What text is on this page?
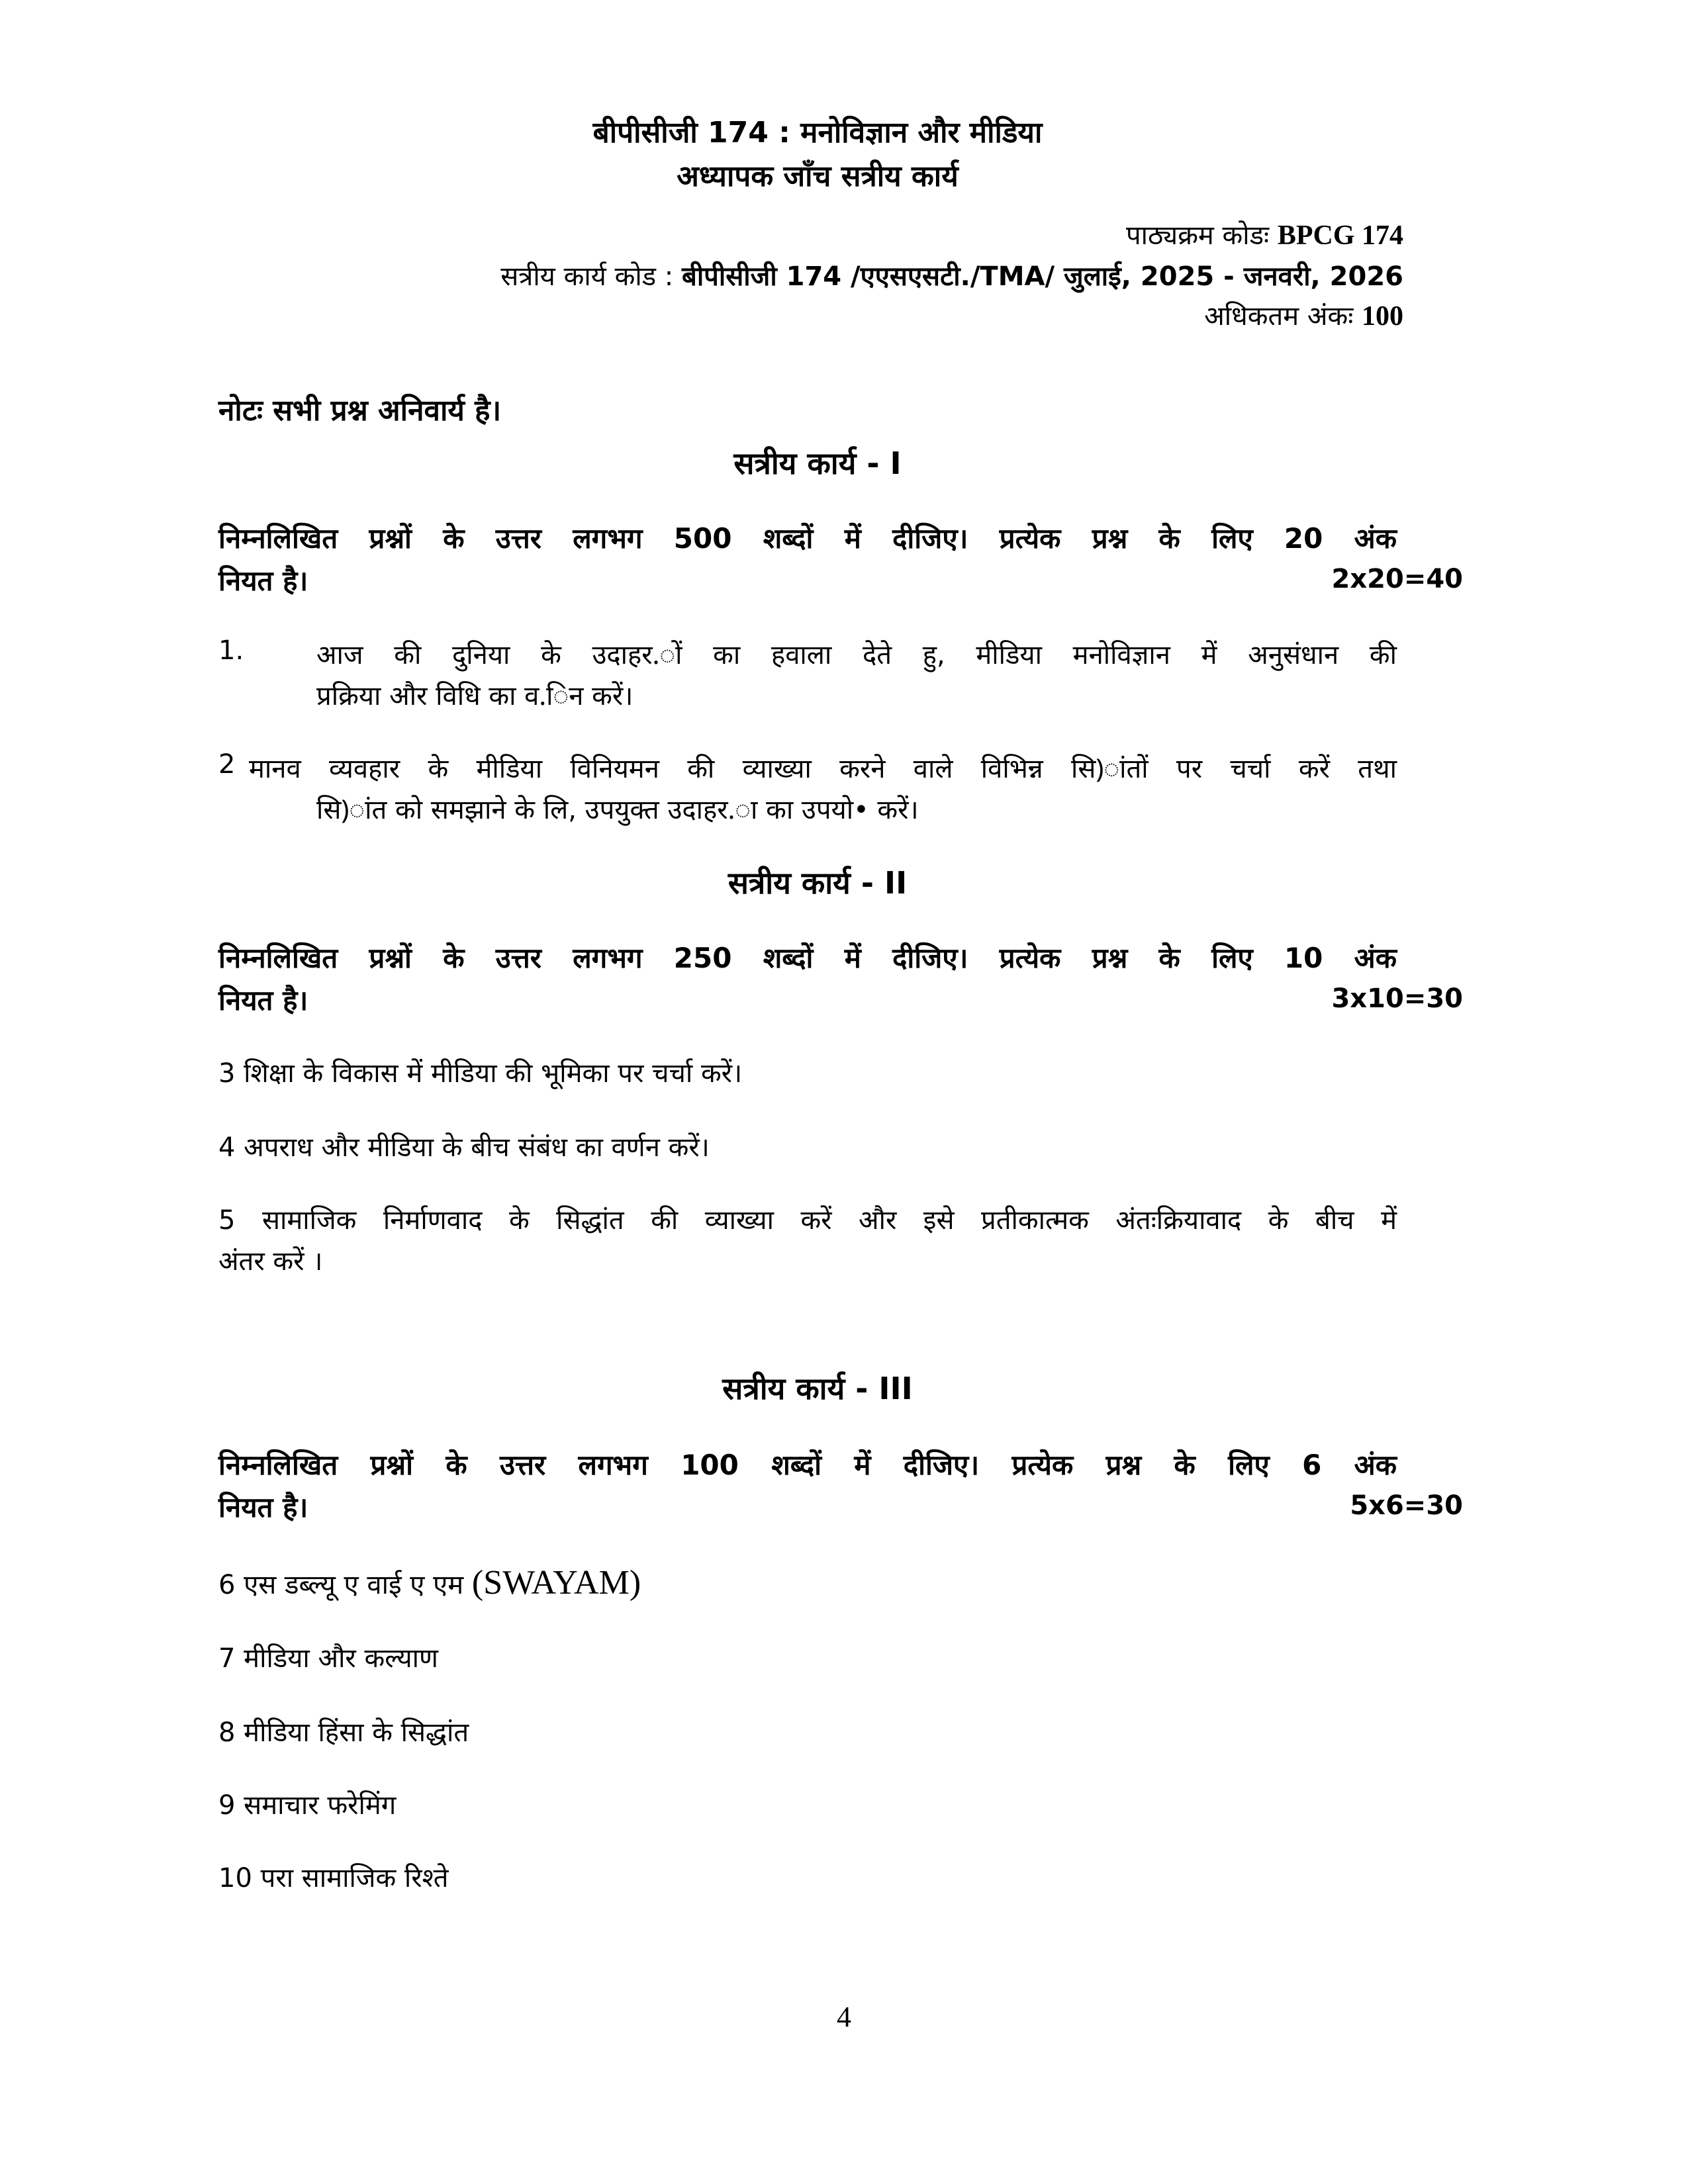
बीपीसीजी 174 : मनोविज्ञान और मीडिया
अध्यापक जाँच सत्रीय कार्य
पाठ्यक्रम कोडः BPCG 174
सत्रीय कार्य कोड : बीपीसीजी 174 /एएसएसटी./TMA/ जुलाई, 2025 - जनवरी, 2026
अधिकतम अंकः 100
नोटः सभी प्रश्न अनिवार्य है।
सत्रीय कार्य - I
निम्नलिखित प्रश्नों के उत्तर लगभग 500 शब्दों में दीजिए। प्रत्येक प्रश्न के लिए 20 अंक
नियत है।	2x20=40
1.	आज की दुनिया के उदाहर.ों का हवाला देते हु, मीडिया मनोविज्ञान में अनुसंधान की
प्रक्रिया और विधि का व.िन करें।
2 मानव व्यवहार के मीडिया विनियमन की व्याख्या करने वाले विभिन्न सि)ांतों पर चर्चा करें तथा
सि)ांत को समझाने के लि, उपयुक्त उदाहर.ा का उपयो• करें।
सत्रीय कार्य - II
निम्नलिखित प्रश्नों के उत्तर लगभग 250 शब्दों में दीजिए। प्रत्येक प्रश्न के लिए 10 अंक
नियत है।	3x10=30
3 शिक्षा के विकास में मीडिया की भूमिका पर चर्चा करें।
4 अपराध और मीडिया के बीच संबंध का वर्णन करें।
5 सामाजिक निर्माणवाद के सिद्धांत की व्याख्या करें और इसे प्रतीकात्मक अंतःक्रियावाद के बीच में
अंतर करें ।
सत्रीय कार्य - III
निम्नलिखित प्रश्नों के उत्तर लगभग 100 शब्दों में दीजिए। प्रत्येक प्रश्न के लिए 6 अंक
नियत है।	5x6=30
6 एस डब्ल्यू ए वाई ए एम (SWAYAM)
7 मीडिया और कल्याण
8 मीडिया हिंसा के सिद्धांत
9 समाचार फरेमिंग
10 परा सामाजिक रिश्ते
4
